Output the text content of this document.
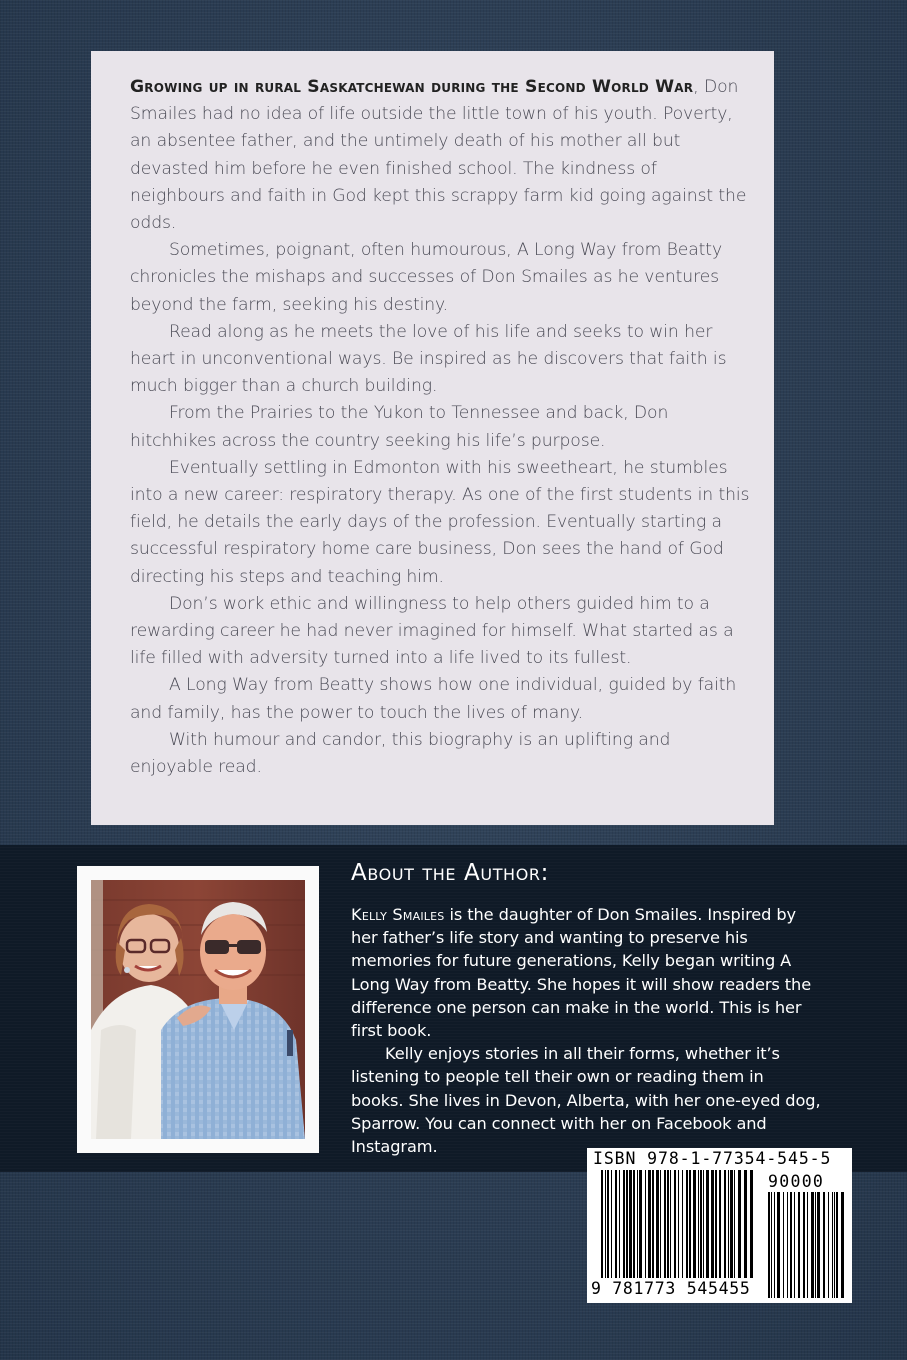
Growing up in rural Saskatchewan during the Second World War, Don Smailes had no idea of life outside the little town of his youth. Poverty, an absentee father, and the untimely death of his mother all but devasted him before he even finished school. The kindness of neighbours and faith in God kept this scrappy farm kid going against the odds.

Sometimes, poignant, often humourous, A Long Way from Beatty chronicles the mishaps and successes of Don Smailes as he ventures beyond the farm, seeking his destiny.

Read along as he meets the love of his life and seeks to win her heart in unconventional ways. Be inspired as he discovers that faith is much bigger than a church building.

From the Prairies to the Yukon to Tennessee and back, Don hitchhikes across the country seeking his life’s purpose.

Eventually settling in Edmonton with his sweetheart, he stumbles into a new career: respiratory therapy. As one of the first students in this field, he details the early days of the profession. Eventually starting a successful respiratory home care business, Don sees the hand of God directing his steps and teaching him.

Don’s work ethic and willingness to help others guided him to a rewarding career he had never imagined for himself. What started as a life filled with adversity turned into a life lived to its fullest.

A Long Way from Beatty shows how one individual, guided by faith and family, has the power to touch the lives of many.

With humour and candor, this biography is an uplifting and enjoyable read.

About the Author:

Kelly Smailes is the daughter of Don Smailes. Inspired by her father’s life story and wanting to preserve his memories for future generations, Kelly began writing A Long Way from Beatty. She hopes it will show readers the difference one person can make in the world. This is her first book.

Kelly enjoys stories in all their forms, whether it’s listening to people tell their own or reading them in books. She lives in Devon, Alberta, with her one-eyed dog, Sparrow. You can connect with her on Facebook and Instagram.

ISBN 978-1-77354-545-5
90000
9 781773 545455
